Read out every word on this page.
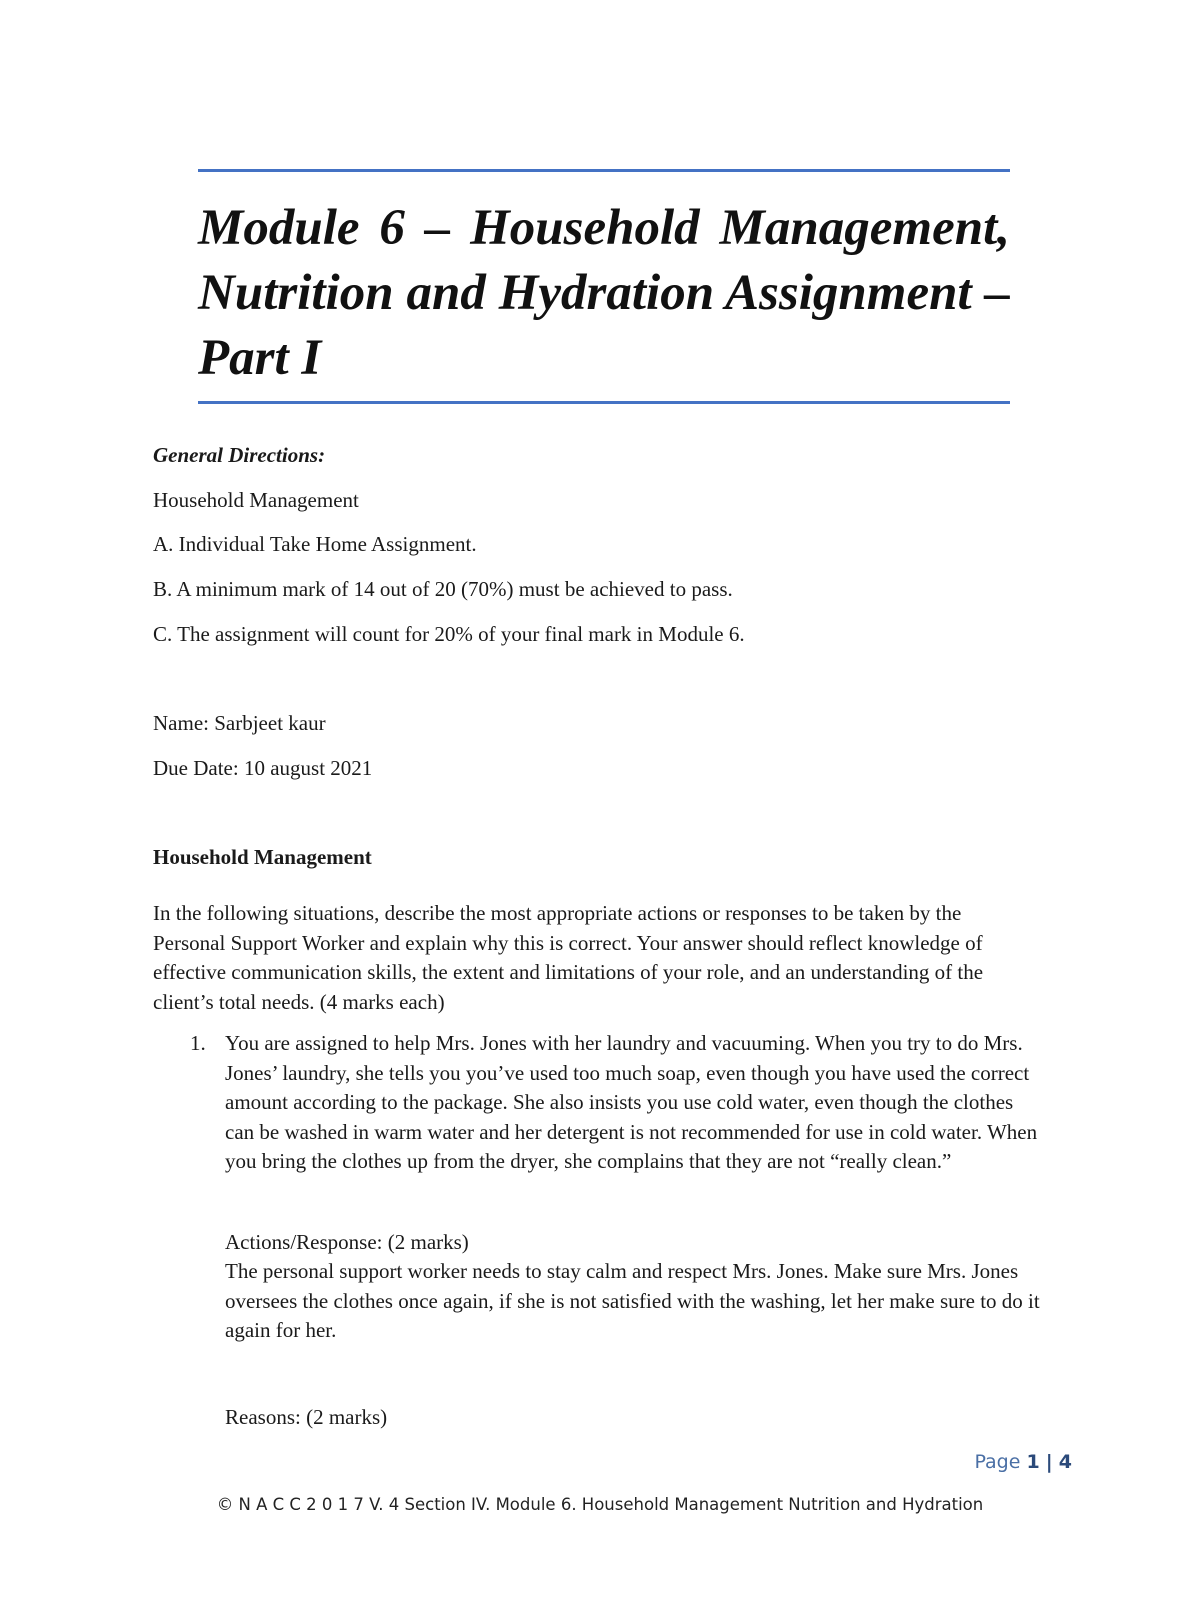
Module 6 – Household Management, Nutrition and Hydration Assignment – Part I

General Directions:

Household Management

A. Individual Take Home Assignment.

B. A minimum mark of 14 out of 20 (70%) must be achieved to pass.

C. The assignment will count for 20% of your final mark in Module 6.

Name: Sarbjeet kaur

Due Date: 10 august 2021

Household Management

In the following situations, describe the most appropriate actions or responses to be taken by the Personal Support Worker and explain why this is correct. Your answer should reflect knowledge of effective communication skills, the extent and limitations of your role, and an understanding of the client’s total needs. (4 marks each)

1. You are assigned to help Mrs. Jones with her laundry and vacuuming. When you try to do Mrs. Jones’ laundry, she tells you you’ve used too much soap, even though you have used the correct amount according to the package. She also insists you use cold water, even though the clothes can be washed in warm water and her detergent is not recommended for use in cold water. When you bring the clothes up from the dryer, she complains that they are not “really clean.”

Actions/Response: (2 marks)

The personal support worker needs to stay calm and respect Mrs. Jones. Make sure Mrs. Jones oversees the clothes once again, if she is not satisfied with the washing, let her make sure to do it again for her.

Reasons: (2 marks)

Page 1 | 4
© N A C C 2 0 1 7 V. 4 Section IV. Module 6. Household Management Nutrition and Hydration
